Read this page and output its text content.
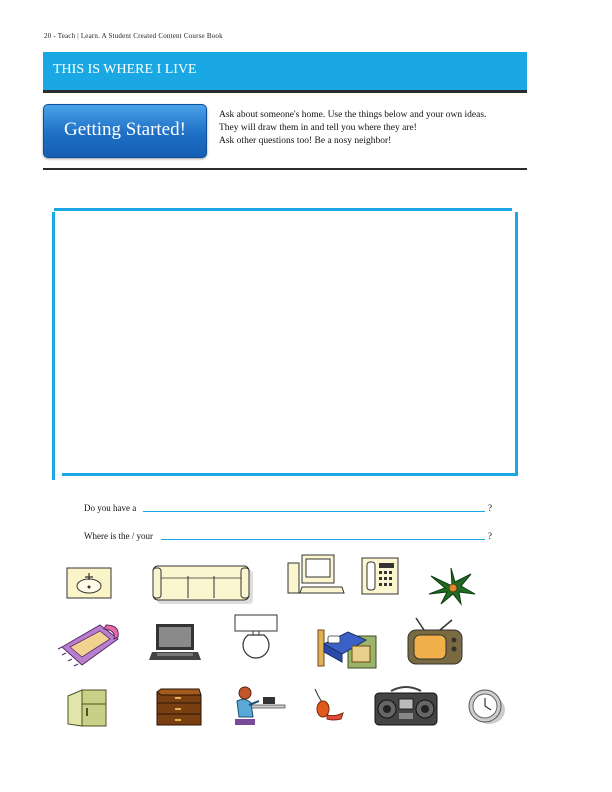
20 - Teach | Learn. A Student Created Content Course Book
THIS IS WHERE I LIVE
Getting Started!
Ask about someone's home. Use the things below and your own ideas.
They will draw them in and tell you where they are!
Ask other questions too! Be a nosy neighbor!
Do you have a	?
Where is the / your	?
